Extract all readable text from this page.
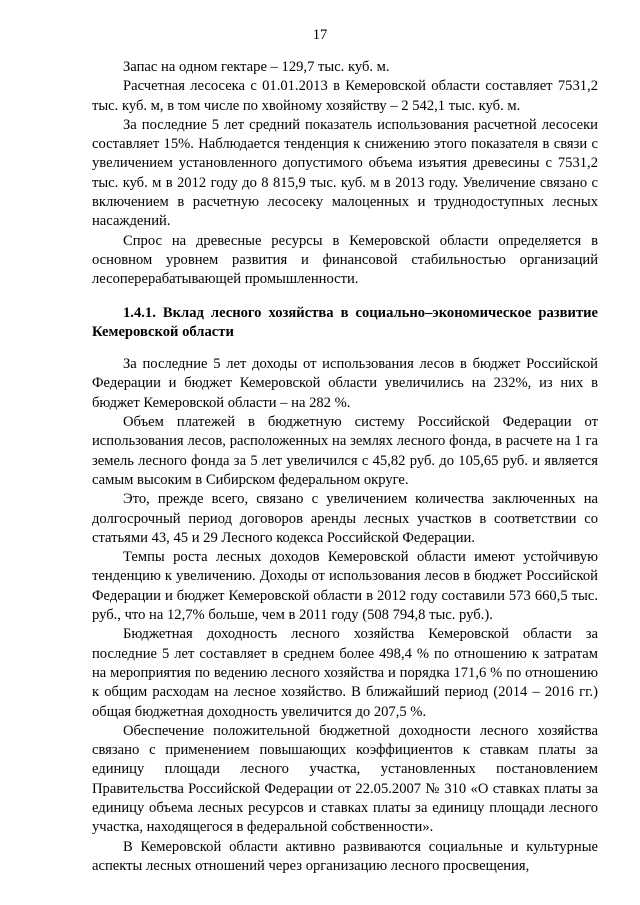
17

Запас на одном гектаре – 129,7 тыс. куб. м.

Расчетная лесосека с 01.01.2013 в Кемеровской области составляет 7531,2 тыс. куб. м, в том числе по хвойному хозяйству – 2 542,1 тыс. куб. м.

За последние 5 лет средний показатель использования расчетной лесосеки составляет 15%. Наблюдается тенденция к снижению этого показателя в связи с увеличением установленного допустимого объема изъятия древесины с 7531,2 тыс. куб. м в 2012 году до 8 815,9 тыс. куб. м в 2013 году. Увеличение связано с включением в расчетную лесосеку малоценных и труднодоступных лесных насаждений.

Спрос на древесные ресурсы в Кемеровской области определяется в основном уровнем развития и финансовой стабильностью организаций лесоперерабатывающей промышленности.

1.4.1. Вклад лесного хозяйства в социально–экономическое развитие Кемеровской области

За последние 5 лет доходы от использования лесов в бюджет Российской Федерации и бюджет Кемеровской области увеличились на 232%, из них в бюджет Кемеровской области – на 282 %.

Объем платежей в бюджетную систему Российской Федерации от использования лесов, расположенных на землях лесного фонда, в расчете на 1 га земель лесного фонда за 5 лет увеличился с 45,82 руб. до 105,65 руб. и является самым высоким в Сибирском федеральном округе.

Это, прежде всего, связано с увеличением количества заключенных на долгосрочный период договоров аренды лесных участков в соответствии со статьями 43, 45 и 29 Лесного кодекса Российской Федерации.

Темпы роста лесных доходов Кемеровской области имеют устойчивую тенденцию к увеличению. Доходы от использования лесов в бюджет Российской Федерации и бюджет Кемеровской области в 2012 году составили 573 660,5 тыс. руб., что на 12,7% больше, чем в 2011 году (508 794,8 тыс. руб.).

Бюджетная доходность лесного хозяйства Кемеровской области за последние 5 лет составляет в среднем более 498,4 % по отношению к затратам на мероприятия по ведению лесного хозяйства и порядка 171,6 % по отношению к общим расходам на лесное хозяйство. В ближайший период (2014 – 2016 гг.) общая бюджетная доходность увеличится до 207,5 %.

Обеспечение положительной бюджетной доходности лесного хозяйства связано с применением повышающих коэффициентов к ставкам платы за единицу площади лесного участка, установленных постановлением Правительства Российской Федерации от 22.05.2007 № 310 «О ставках платы за единицу объема лесных ресурсов и ставках платы за единицу площади лесного участка, находящегося в федеральной собственности».

В Кемеровской области активно развиваются социальные и культурные аспекты лесных отношений через организацию лесного просвещения,
